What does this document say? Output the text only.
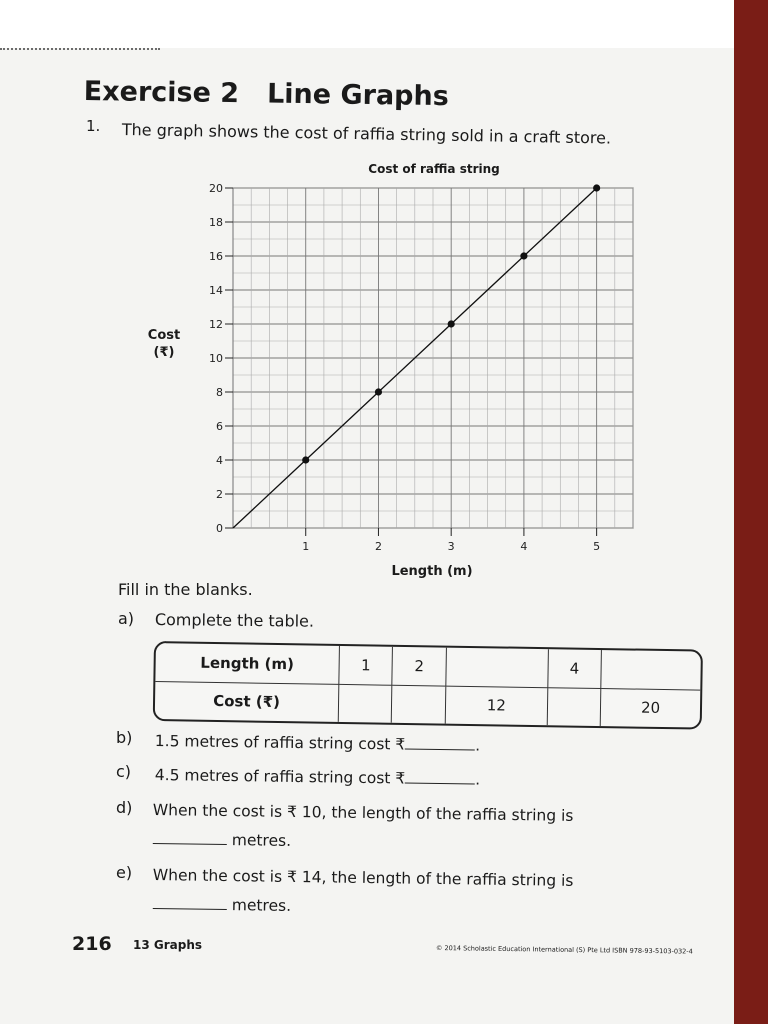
Exercise 2 Line Graphs
1. The graph shows the cost of raffia string sold in a craft store.
Cost of raffia string
0
2
4
6
8
10
12
14
16
18
20
1	2	3	4	5
Cost
(₹)
Length (m)
Fill in the blanks.
a) Complete the table.
Length (m)	1	2		4	
Cost (₹)			12		20
b) 1.5 metres of raffia string cost ₹	.
c) 4.5 metres of raffia string cost ₹	.
d) When the cost is ₹ 10, the length of the raffia string is
metres.
e) When the cost is ₹ 14, the length of the raffia string is
metres.
216 13 Graphs	© 2014 Scholastic Education International (S) Pte Ltd ISBN 978-93-5103-032-4
